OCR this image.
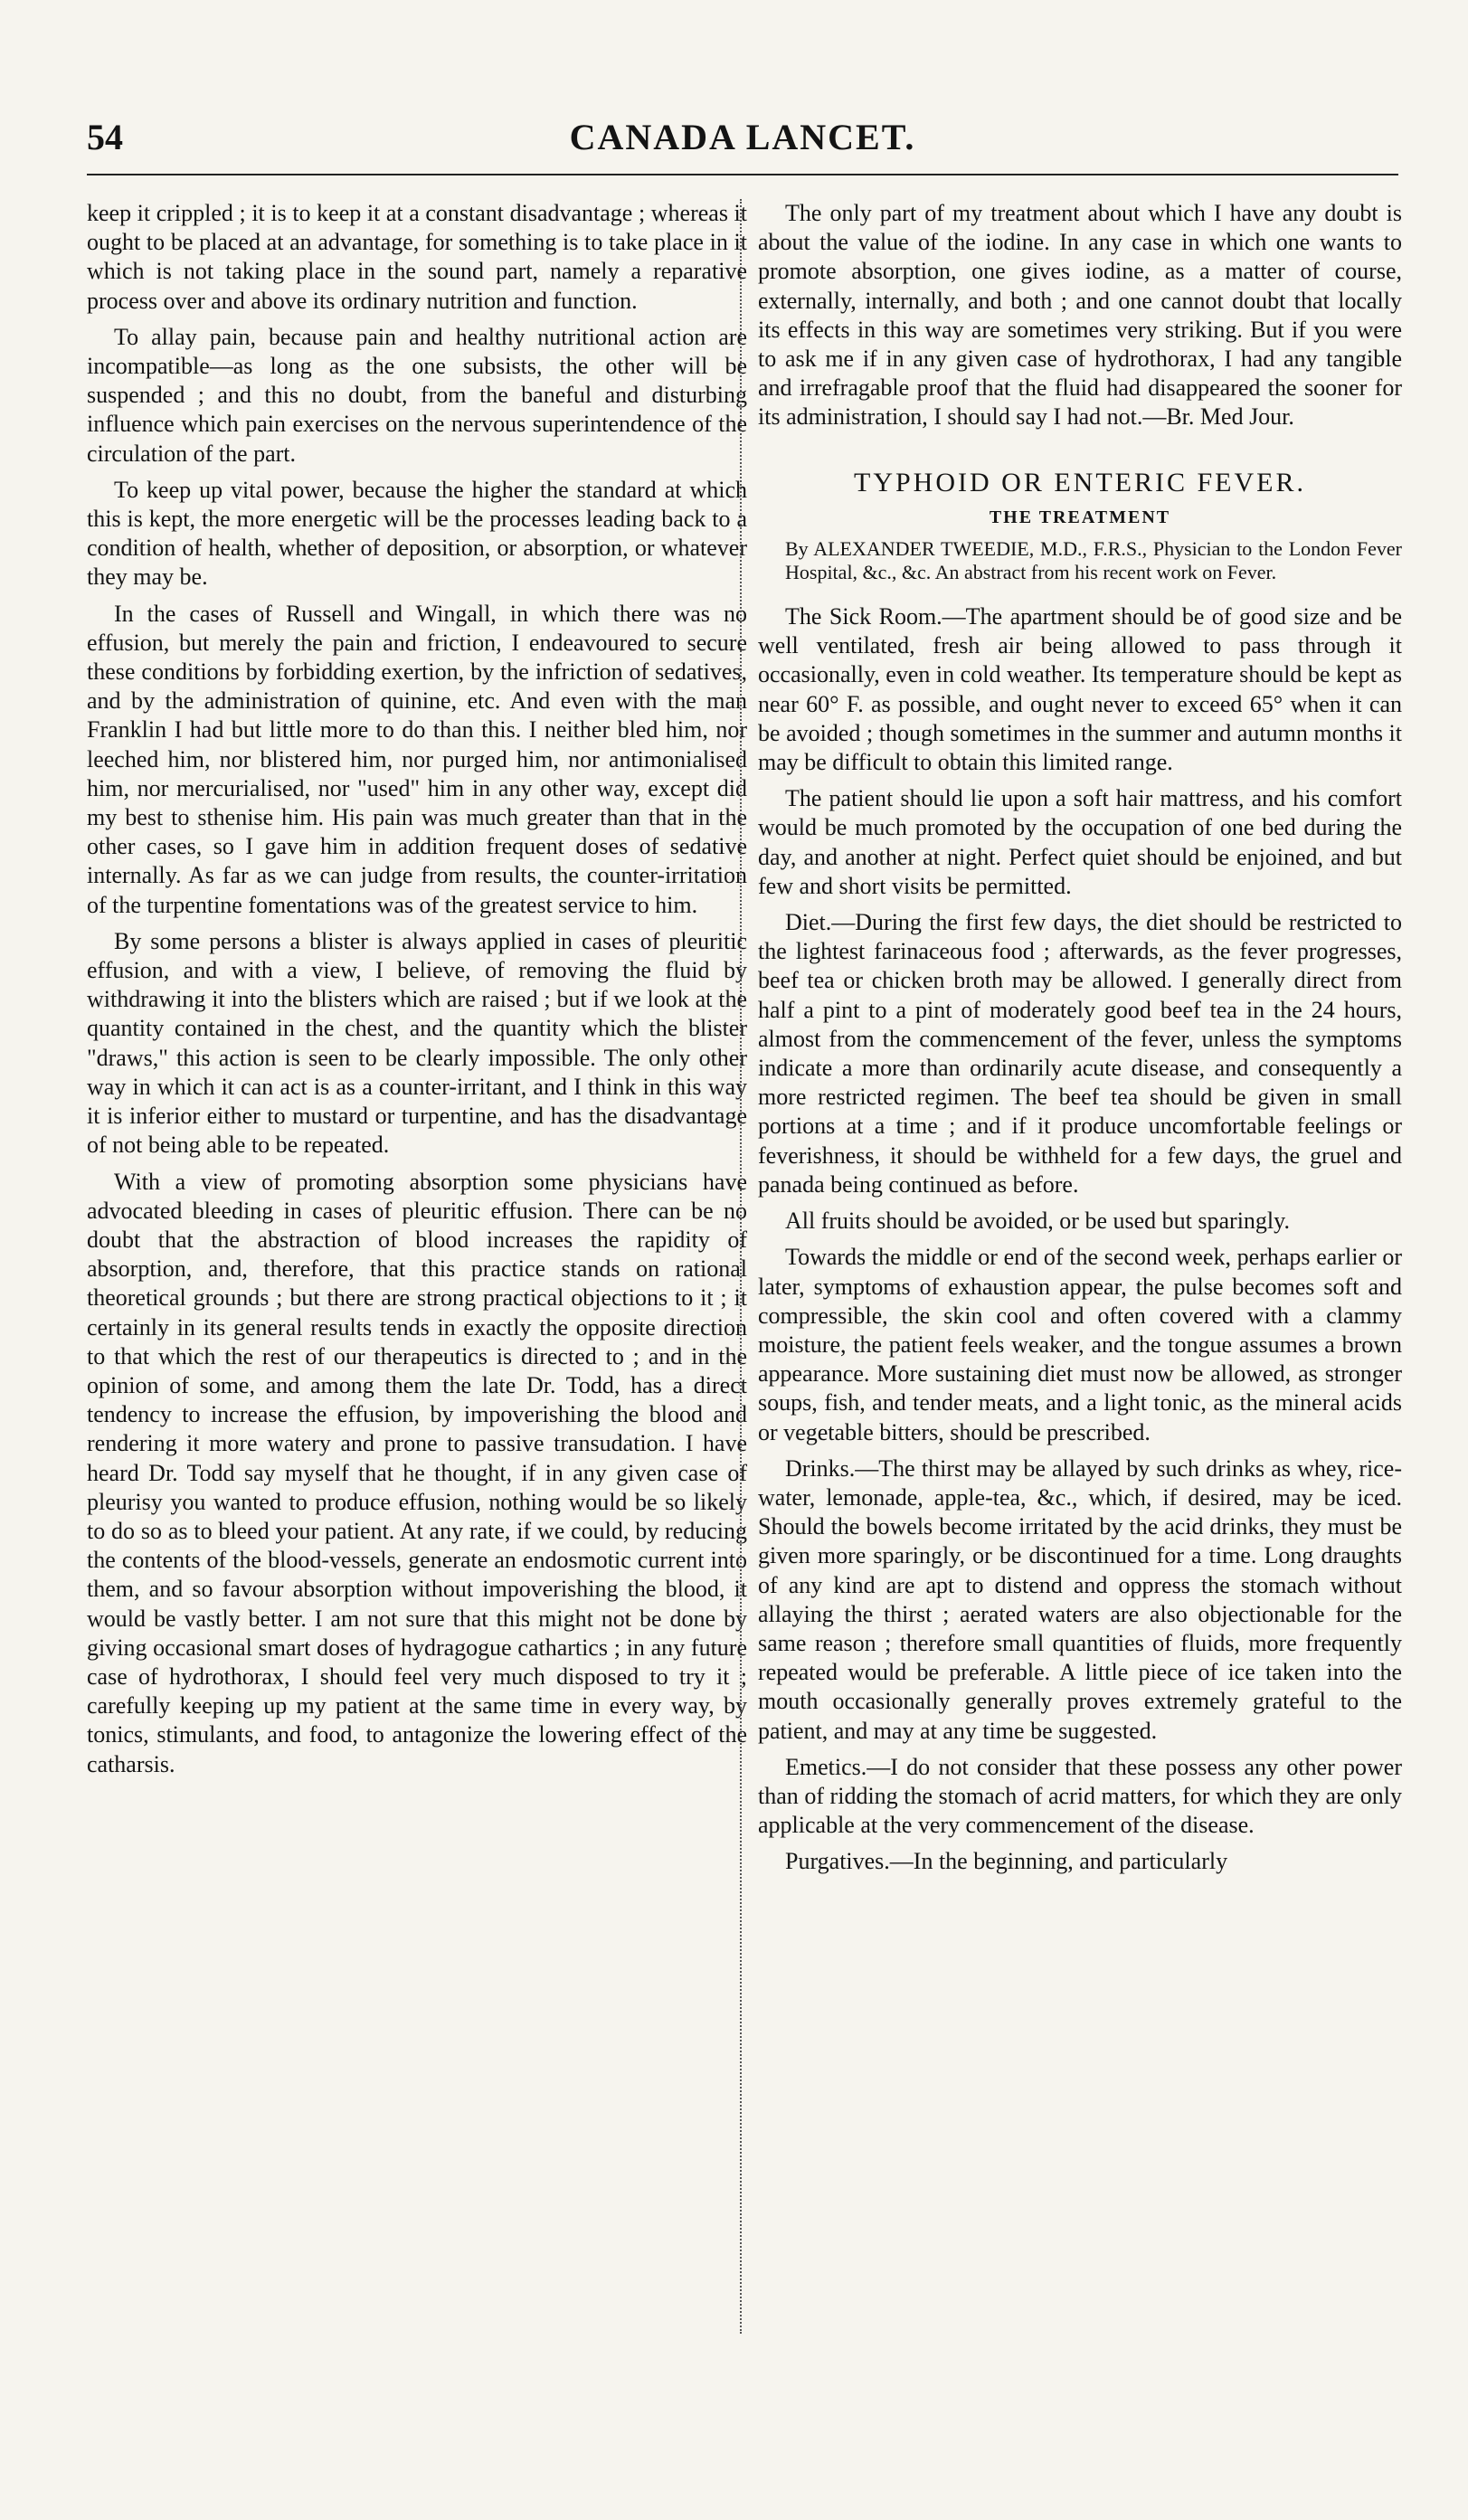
CANADA LANCET.
54

keep it crippled ; it is to keep it at a constant disadvantage ; whereas it ought to be placed at an advantage, for something is to take place in it which is not taking place in the sound part, namely a reparative process over and above its ordinary nutrition and function.

To allay pain, because pain and healthy nutritional action are incompatible—as long as the one subsists, the other will be suspended ; and this no doubt, from the baneful and disturbing influence which pain exercises on the nervous superintendence of the circulation of the part.

To keep up vital power, because the higher the standard at which this is kept, the more energetic will be the processes leading back to a condition of health, whether of deposition, or absorption, or whatever they may be.

In the cases of Russell and Wingall, in which there was no effusion, but merely the pain and friction, I endeavoured to secure these conditions by forbidding exertion, by the infriction of sedatives, and by the administration of quinine, etc. And even with the man Franklin I had but little more to do than this. I neither bled him, nor leeched him, nor blistered him, nor purged him, nor antimonialised him, nor mercurialised, nor "used" him in any other way, except did my best to sthenise him. His pain was much greater than that in the other cases, so I gave him in addition frequent doses of sedative internally. As far as we can judge from results, the counter-irritation of the turpentine fomentations was of the greatest service to him.

By some persons a blister is always applied in cases of pleuritic effusion, and with a view, I believe, of removing the fluid by withdrawing it into the blisters which are raised ; but if we look at the quantity contained in the chest, and the quantity which the blister "draws," this action is seen to be clearly impossible. The only other way in which it can act is as a counter-irritant, and I think in this way it is inferior either to mustard or turpentine, and has the disadvantage of not being able to be repeated.

With a view of promoting absorption some physicians have advocated bleeding in cases of pleuritic effusion. There can be no doubt that the abstraction of blood increases the rapidity of absorption, and, therefore, that this practice stands on rational theoretical grounds ; but there are strong practical objections to it ; it certainly in its general results tends in exactly the opposite direction to that which the rest of our therapeutics is directed to ; and in the opinion of some, and among them the late Dr. Todd, has a direct tendency to increase the effusion, by impoverishing the blood and rendering it more watery and prone to passive transudation. I have heard Dr. Todd say myself that he thought, if in any given case of pleurisy you wanted to produce effusion, nothing would be so likely to do so as to bleed your patient. At any rate, if we could, by reducing the contents of the blood-vessels, generate an endosmotic current into them, and so favour absorption without impoverishing the blood, it would be vastly better. I am not sure that this might not be done by giving occasional smart doses of hydragogue cathartics ; in any future case of hydrothorax, I should feel very much disposed to try it ; carefully keeping up my patient at the same time in every way, by tonics, stimulants, and food, to antagonize the lowering effect of the catharsis.

The only part of my treatment about which I have any doubt is about the value of the iodine. In any case in which one wants to promote absorption, one gives iodine, as a matter of course, externally, internally, and both ; and one cannot doubt that locally its effects in this way are sometimes very striking. But if you were to ask me if in any given case of hydrothorax, I had any tangible and irrefragable proof that the fluid had disappeared the sooner for its administration, I should say I had not.—Br. Med Jour.

TYPHOID OR ENTERIC FEVER.
THE TREATMENT

By ALEXANDER TWEEDIE, M.D., F.R.S., Physician to the London Fever Hospital, &c., &c. An abstract from his recent work on Fever.

The Sick Room.—The apartment should be of good size and be well ventilated, fresh air being allowed to pass through it occasionally, even in cold weather. Its temperature should be kept as near 60° F. as possible, and ought never to exceed 65° when it can be avoided ; though sometimes in the summer and autumn months it may be difficult to obtain this limited range.

The patient should lie upon a soft hair mattress, and his comfort would be much promoted by the occupation of one bed during the day, and another at night. Perfect quiet should be enjoined, and but few and short visits be permitted.

Diet.—During the first few days, the diet should be restricted to the lightest farinaceous food ; afterwards, as the fever progresses, beef tea or chicken broth may be allowed. I generally direct from half a pint to a pint of moderately good beef tea in the 24 hours, almost from the commencement of the fever, unless the symptoms indicate a more than ordinarily acute disease, and consequently a more restricted regimen. The beef tea should be given in small portions at a time ; and if it produce uncomfortable feelings or feverishness, it should be withheld for a few days, the gruel and panada being continued as before.

All fruits should be avoided, or be used but sparingly.

Towards the middle or end of the second week, perhaps earlier or later, symptoms of exhaustion appear, the pulse becomes soft and compressible, the skin cool and often covered with a clammy moisture, the patient feels weaker, and the tongue assumes a brown appearance. More sustaining diet must now be allowed, as stronger soups, fish, and tender meats, and a light tonic, as the mineral acids or vegetable bitters, should be prescribed.

Drinks.—The thirst may be allayed by such drinks as whey, rice-water, lemonade, apple-tea, &c., which, if desired, may be iced. Should the bowels become irritated by the acid drinks, they must be given more sparingly, or be discontinued for a time. Long draughts of any kind are apt to distend and oppress the stomach without allaying the thirst ; aerated waters are also objectionable for the same reason ; therefore small quantities of fluids, more frequently repeated would be preferable. A little piece of ice taken into the mouth occasionally generally proves extremely grateful to the patient, and may at any time be suggested.

Emetics.—I do not consider that these possess any other power than of ridding the stomach of acrid matters, for which they are only applicable at the very commencement of the disease.

Purgatives.—In the beginning, and particularly
